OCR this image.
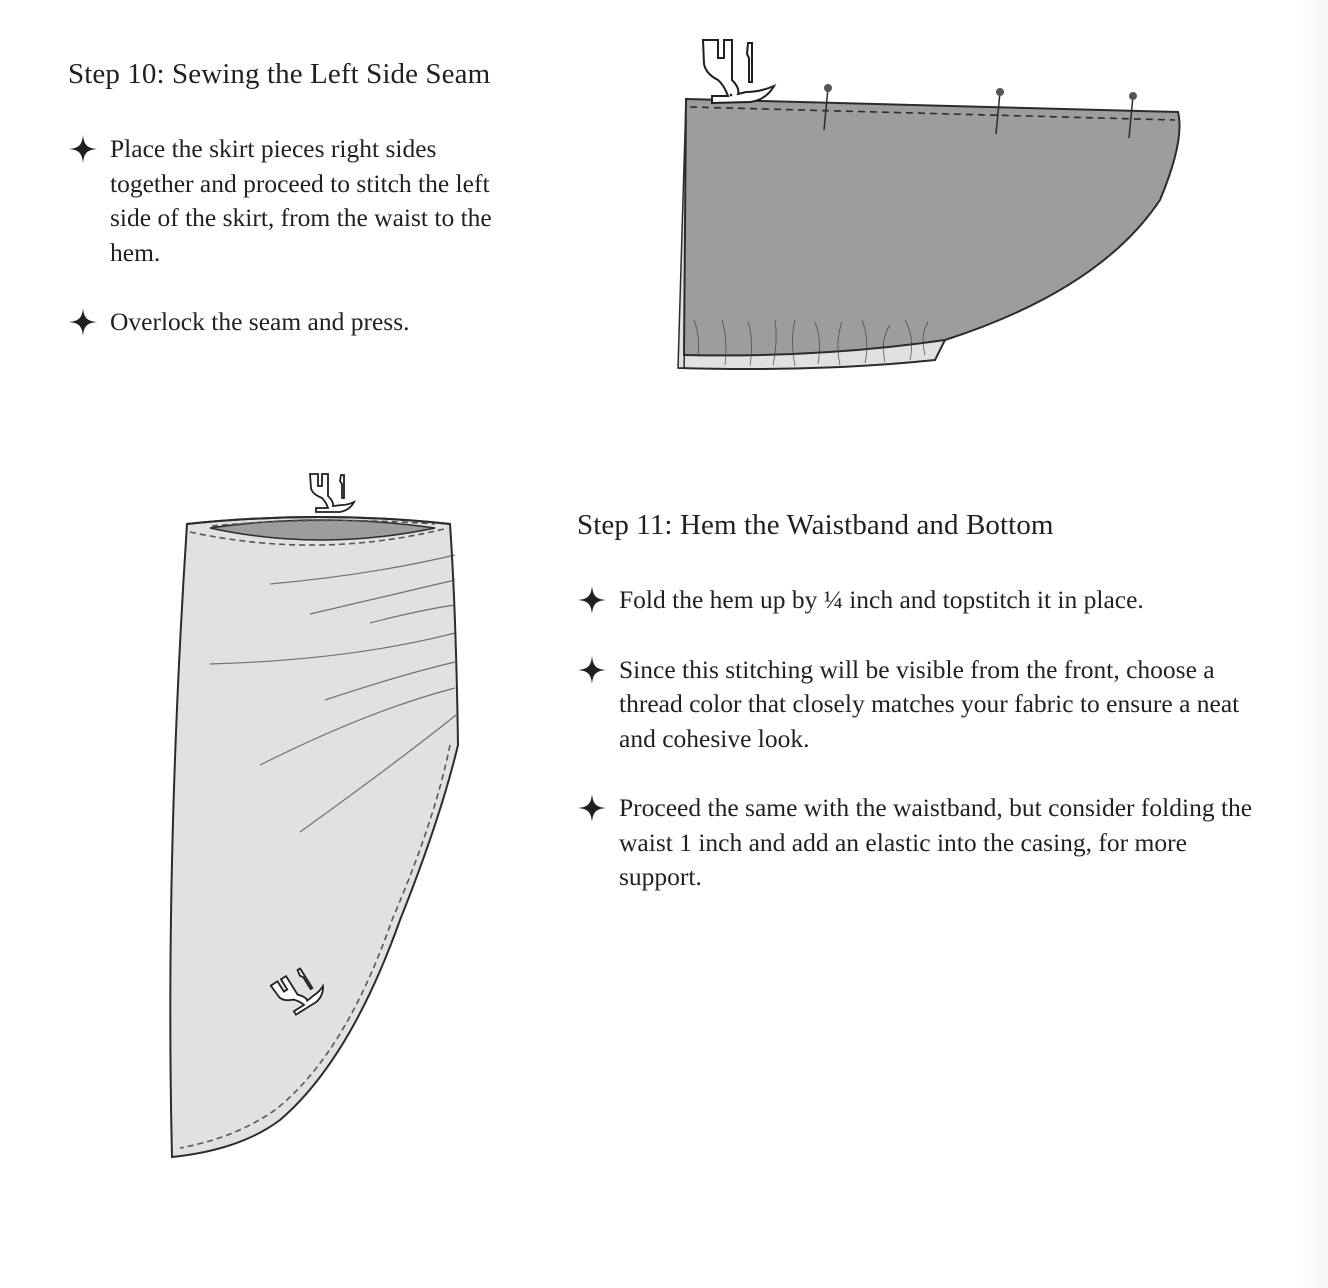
Step 10: Sewing the Left Side Seam
Place the skirt pieces right sides together and proceed to stitch the left side of the skirt, from the waist to the hem.
Overlock the seam and press.
Step 11: Hem the Waistband and Bottom
Fold the hem up by ¼ inch and topstitch it in place.
Since this stitching will be visible from the front, choose a thread color that closely matches your fabric to ensure a neat and cohesive look.
Proceed the same with the waistband, but consider folding the waist 1 inch and add an elastic into the casing, for more support.
